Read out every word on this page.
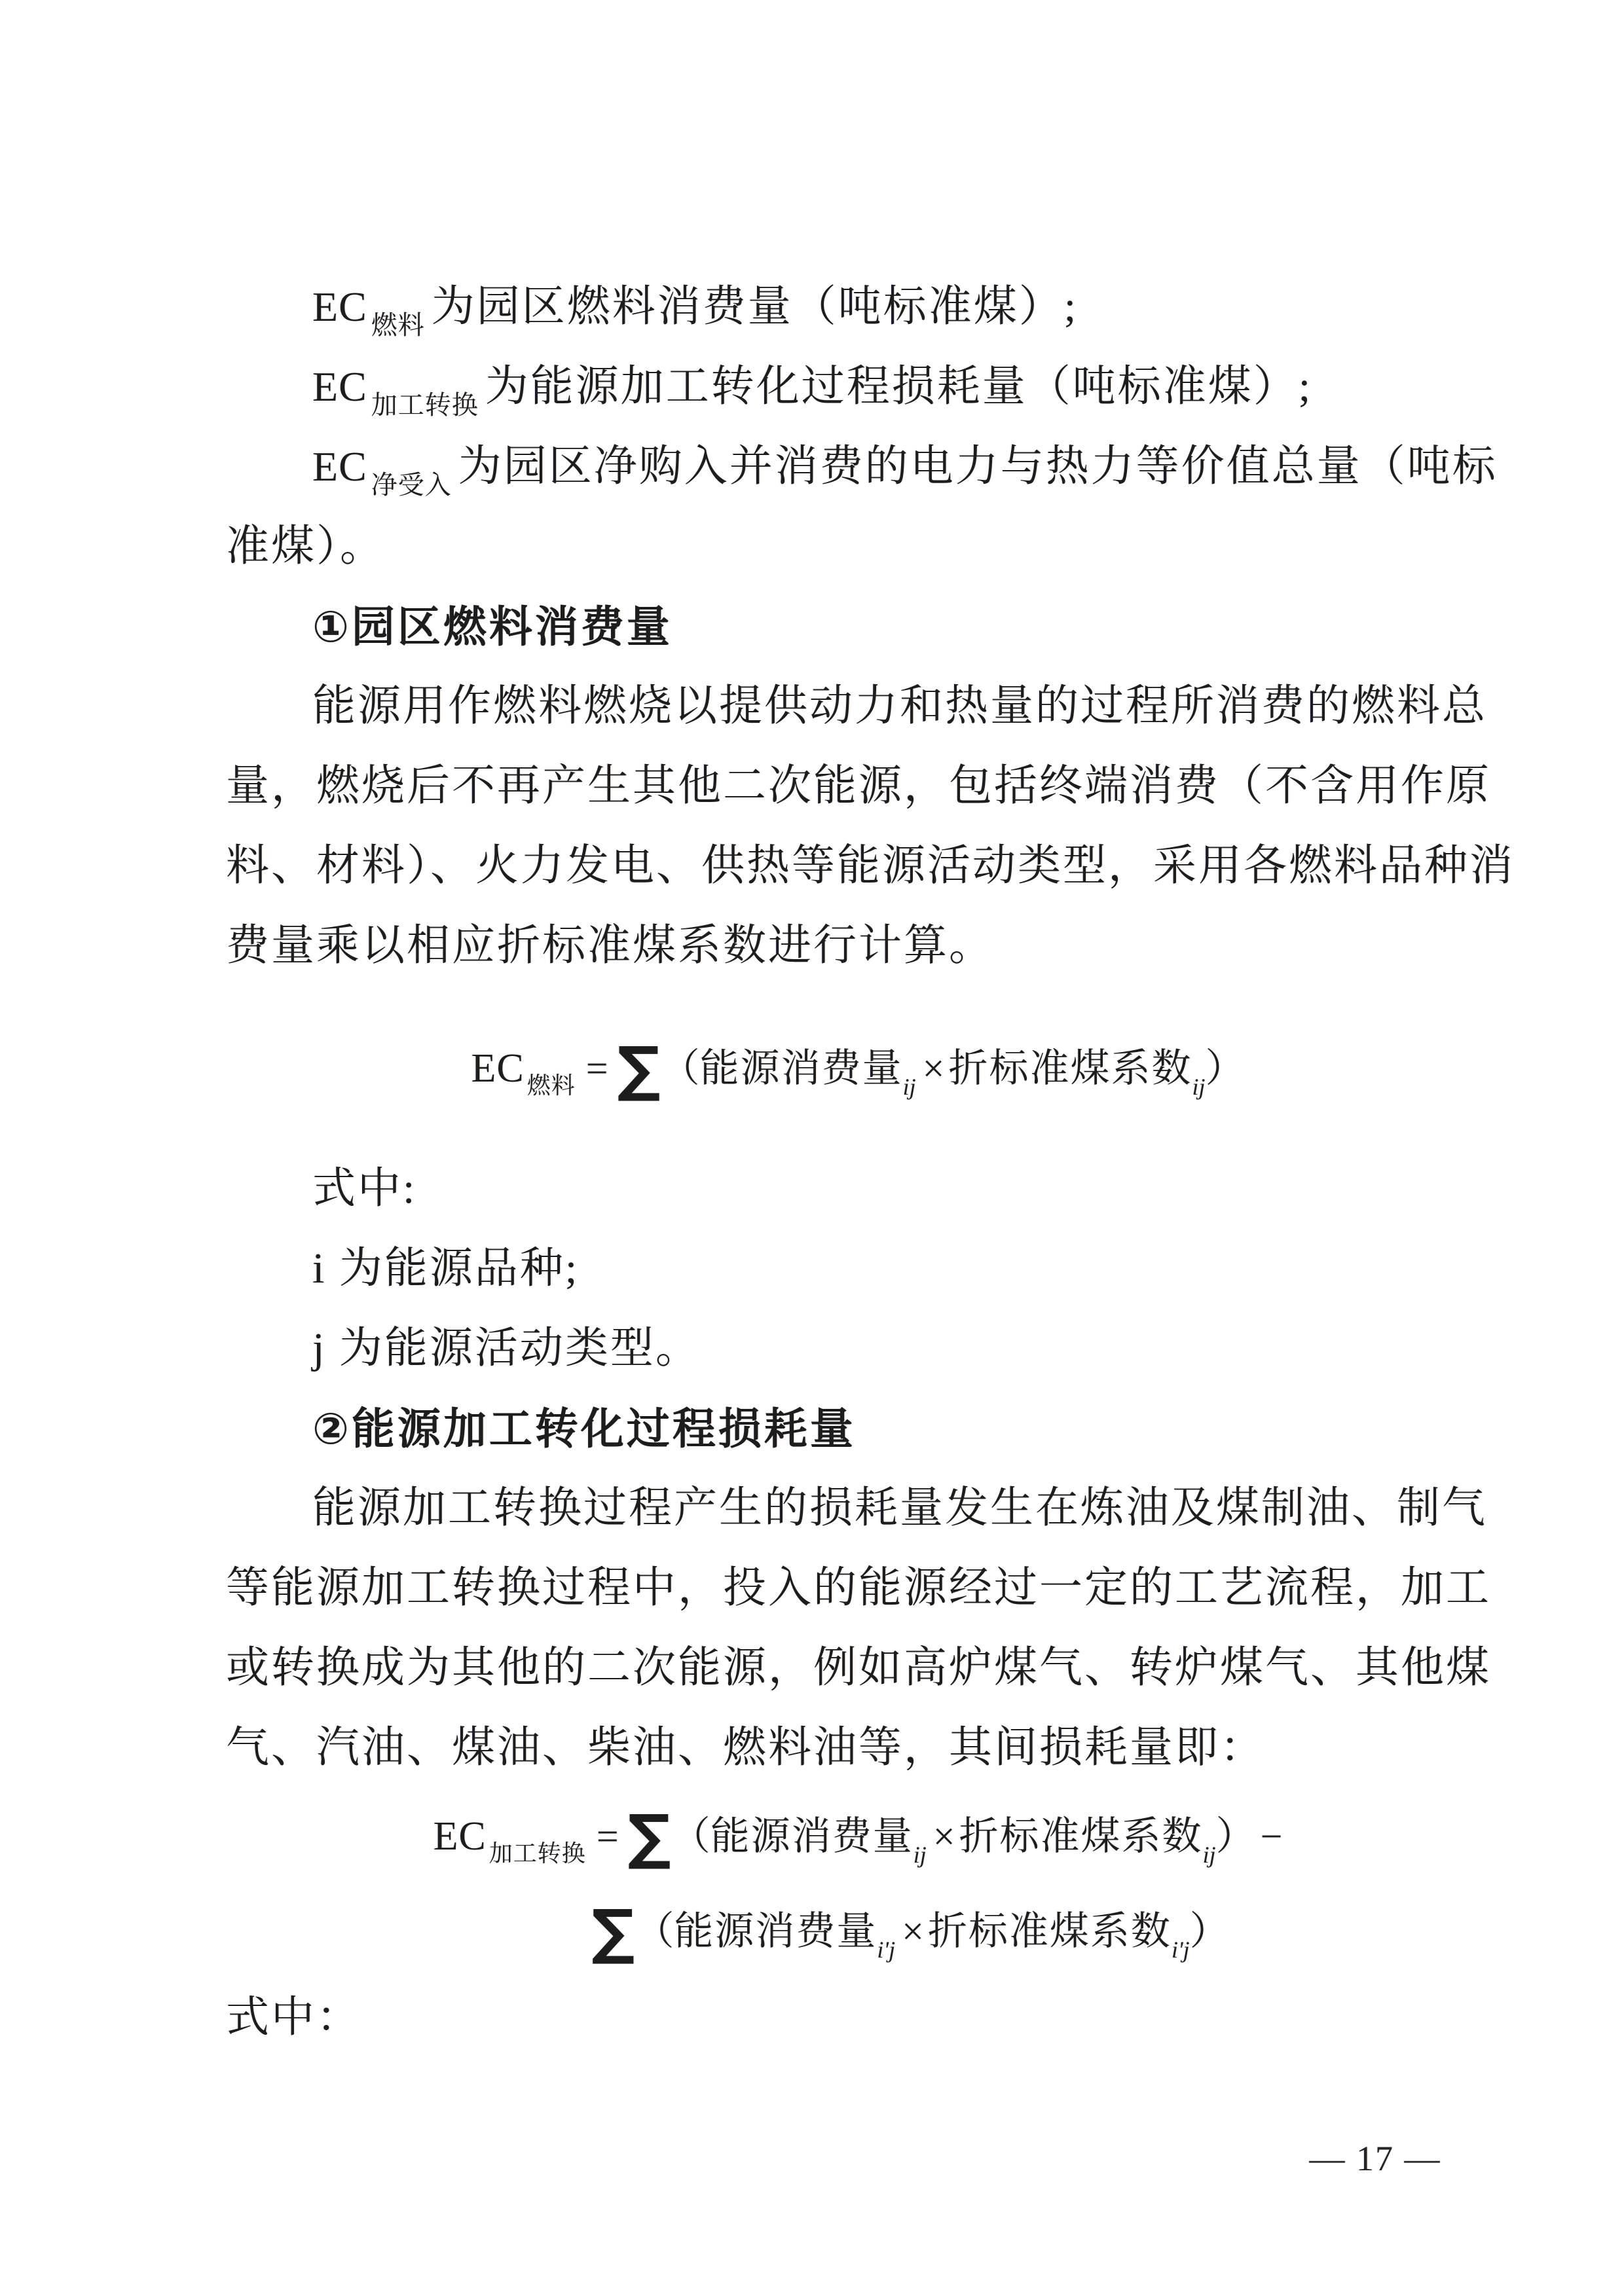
EC $_{燃料}$ 为园区燃料消费量（吨标准煤）;
EC $_{加工转换}$ 为能源加工转化过程损耗量（吨标准煤）;
EC $_{净受入}$ 为园区净购入并消费的电力与热力等价值总量（吨标
准煤）。
①园区燃料消费量
能源用作燃料燃烧以提供动力和热量的过程所消费的燃料总
量，燃烧后不再产生其他二次能源，包括终端消费（不含用作原
料、材料）、火力发电、供热等能源活动类型，采用各燃料品种消
费量乘以相应折标准煤系数进行计算。
EC $_{燃料}$ = ∑（能源消费量$_{ij}$ × 折标准煤系数$_{ij}$）
式中:
i 为能源品种;
j 为能源活动类型。
②能源加工转化过程损耗量
能源加工转换过程产生的损耗量发生在炼油及煤制油、制气
等能源加工转换过程中，投入的能源经过一定的工艺流程，加工
或转换成为其他的二次能源，例如高炉煤气、转炉煤气、其他煤
气、汽油、煤油、柴油、燃料油等，其间损耗量即：
EC $_{加工转换}$ = ∑（能源消费量$_{ij}$ × 折标准煤系数$_{ij}$） −
∑（能源消费量$_{i'j}$ × 折标准煤系数$_{i'j}$）
式中：
— 17 —
